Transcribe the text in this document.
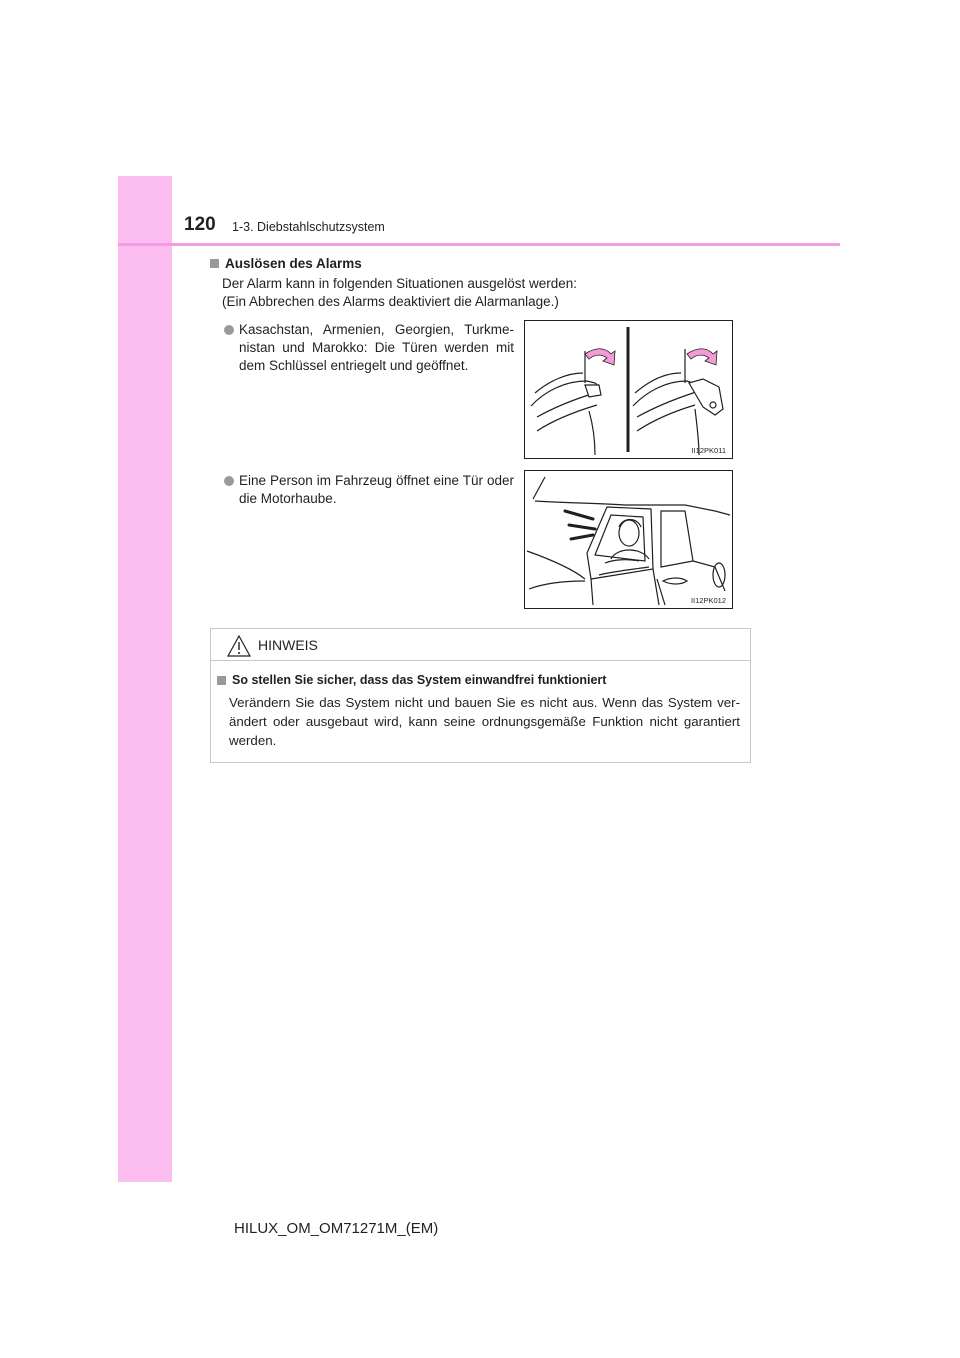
120 1-3. Diebstahlschutzsystem
Auslösen des Alarms
Der Alarm kann in folgenden Situationen ausgelöst werden:
(Ein Abbrechen des Alarms deaktiviert die Alarmanlage.)
Kasachstan, Armenien, Georgien, Turkmenistan und Marokko: Die Türen werden mit dem Schlüssel entriegelt und geöffnet.
II12PK011
Eine Person im Fahrzeug öffnet eine Tür oder die Motorhaube.
II12PK012
HINWEIS
So stellen Sie sicher, dass das System einwandfrei funktioniert
Verändern Sie das System nicht und bauen Sie es nicht aus. Wenn das System verändert oder ausgebaut wird, kann seine ordnungsgemäße Funktion nicht garantiert werden.
HILUX_OM_OM71271M_(EM)
